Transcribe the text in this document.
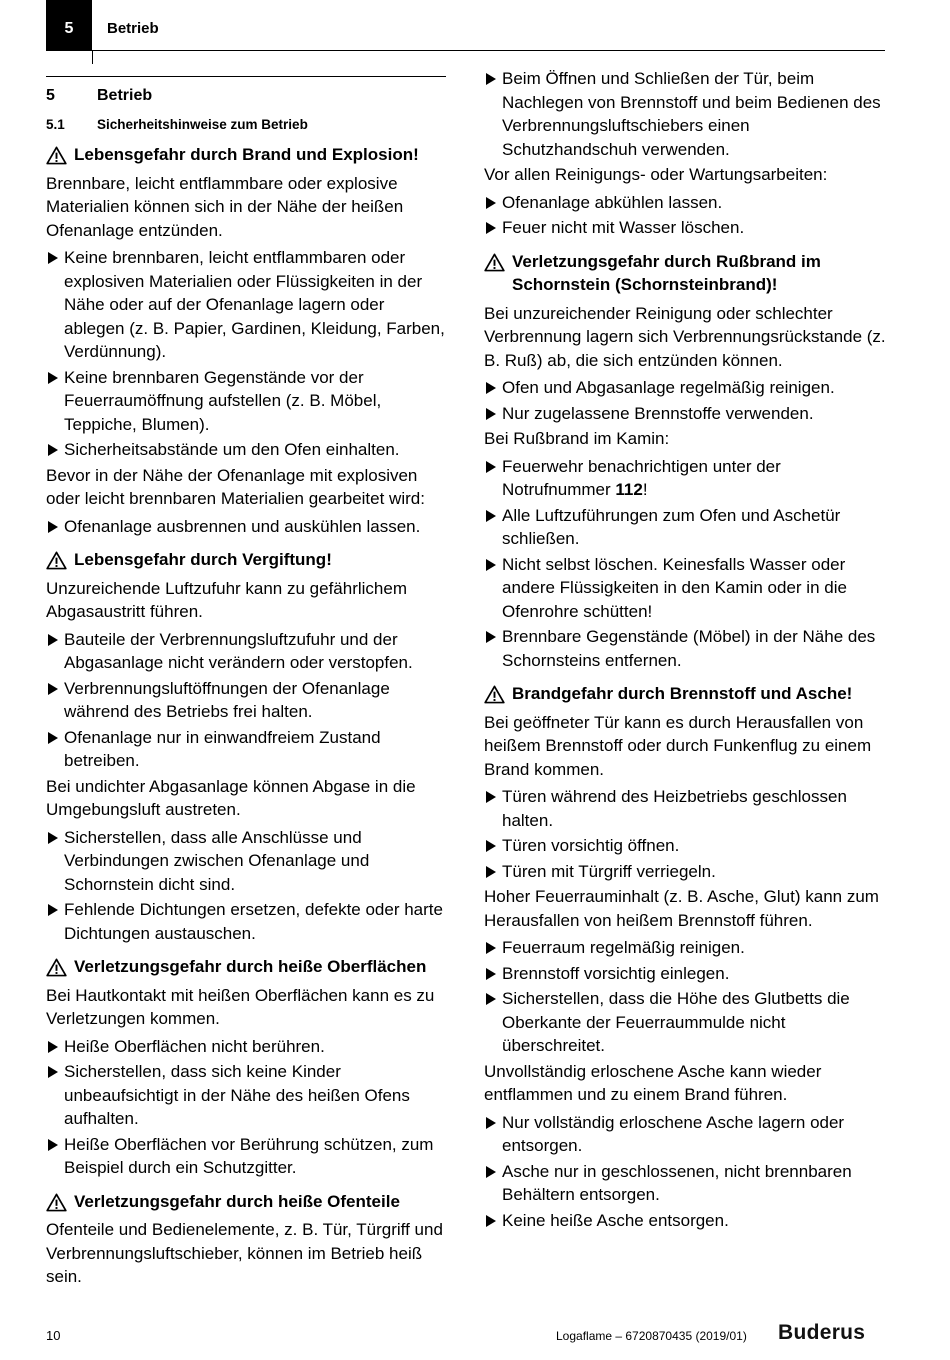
5	Betrieb
5	Betrieb
5.1 Sicherheitshinweise zum Betrieb
Lebensgefahr durch Brand und Explosion!
Brennbare, leicht entflammbare oder explosive Materialien können sich in der Nähe der heißen Ofenanlage entzünden.
Keine brennbaren, leicht entflammbaren oder explosiven Materialien oder Flüssigkeiten in der Nähe oder auf der Ofenanlage lagern oder ablegen (z. B. Papier, Gardinen, Kleidung, Farben, Verdünnung).
Keine brennbaren Gegenstände vor der Feuerraumöffnung aufstellen (z. B. Möbel, Teppiche, Blumen).
Sicherheitsabstände um den Ofen einhalten.
Bevor in der Nähe der Ofenanlage mit explosiven oder leicht brennbaren Materialien gearbeitet wird:
Ofenanlage ausbrennen und auskühlen lassen.
Lebensgefahr durch Vergiftung!
Unzureichende Luftzufuhr kann zu gefährlichem Abgasaustritt führen.
Bauteile der Verbrennungsluftzufuhr und der Abgasanlage nicht verändern oder verstopfen.
Verbrennungsluftöffnungen der Ofenanlage während des Betriebs frei halten.
Ofenanlage nur in einwandfreiem Zustand betreiben.
Bei undichter Abgasanlage können Abgase in die Umgebungsluft austreten.
Sicherstellen, dass alle Anschlüsse und Verbindungen zwischen Ofenanlage und Schornstein dicht sind.
Fehlende Dichtungen ersetzen, defekte oder harte Dichtungen austauschen.
Verletzungsgefahr durch heiße Oberflächen
Bei Hautkontakt mit heißen Oberflächen kann es zu Verletzungen kommen.
Heiße Oberflächen nicht berühren.
Sicherstellen, dass sich keine Kinder unbeaufsichtigt in der Nähe des heißen Ofens aufhalten.
Heiße Oberflächen vor Berührung schützen, zum Beispiel durch ein Schutzgitter.
Verletzungsgefahr durch heiße Ofenteile
Ofenteile und Bedienelemente, z. B. Tür, Türgriff und Verbrennungsluftschieber, können im Betrieb heiß sein.
Beim Öffnen und Schließen der Tür, beim Nachlegen von Brennstoff und beim Bedienen des Verbrennungsluftschiebers einen Schutzhandschuh verwenden.
Vor allen Reinigungs- oder Wartungsarbeiten:
Ofenanlage abkühlen lassen.
Feuer nicht mit Wasser löschen.
Verletzungsgefahr durch Rußbrand im Schornstein (Schornsteinbrand)!
Bei unzureichender Reinigung oder schlechter Verbrennung lagern sich Verbrennungsrückstande (z. B. Ruß) ab, die sich entzünden können.
Ofen und Abgasanlage regelmäßig reinigen.
Nur zugelassene Brennstoffe verwenden.
Bei Rußbrand im Kamin:
Feuerwehr benachrichtigen unter der Notrufnummer 112!
Alle Luftzuführungen zum Ofen und Aschetür schließen.
Nicht selbst löschen. Keinesfalls Wasser oder andere Flüssigkeiten in den Kamin oder in die Ofenrohre schütten!
Brennbare Gegenstände (Möbel) in der Nähe des Schornsteins entfernen.
Brandgefahr durch Brennstoff und Asche!
Bei geöffneter Tür kann es durch Herausfallen von heißem Brennstoff oder durch Funkenflug zu einem Brand kommen.
Türen während des Heizbetriebs geschlossen halten.
Türen vorsichtig öffnen.
Türen mit Türgriff verriegeln.
Hoher Feuerrauminhalt (z. B. Asche, Glut) kann zum Herausfallen von heißem Brennstoff führen.
Feuerraum regelmäßig reinigen.
Brennstoff vorsichtig einlegen.
Sicherstellen, dass die Höhe des Glutbetts die Oberkante der Feuerraummulde nicht überschreitet.
Unvollständig erloschene Asche kann wieder entflammen und zu einem Brand führen.
Nur vollständig erloschene Asche lagern oder entsorgen.
Asche nur in geschlossenen, nicht brennbaren Behältern entsorgen.
Keine heiße Asche entsorgen.
10	Logaflame – 6720870435 (2019/01) Buderus
